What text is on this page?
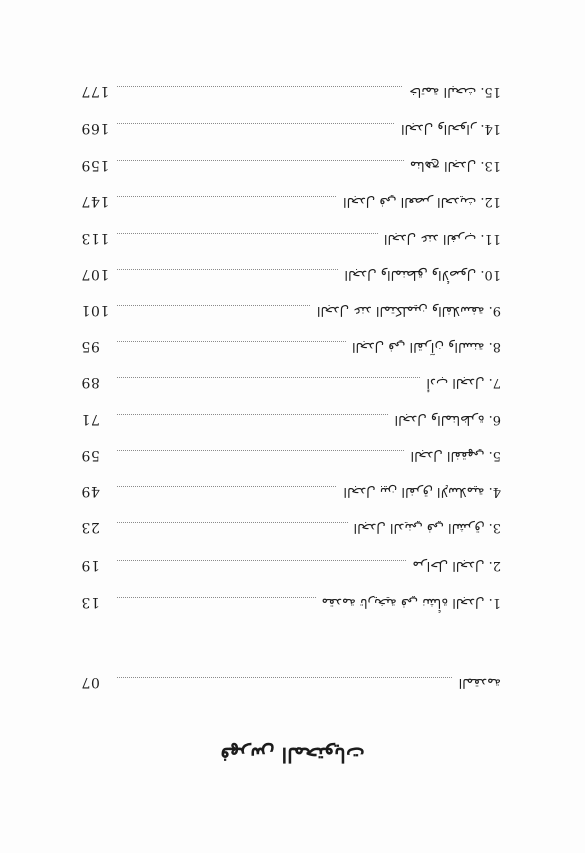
فهرس المحتويات
المقدمة
07
1. مقدمة تاريخية في نشأة الجدل
13
2. مراحل الجدل
19
3. الجدل الديني في الشرق
23
4. الجدل بين الفرق الإسلامية
49
5. الجدل الفقهي
59
6. الجدل والمناظرة
71
7. أدب الجدل
89
8. الجدل في القرآن والسنة
95
9. الجدل عند المتكلمين والفلاسفة
101
10. الجدل والمنطق والأصول
107
11. الجدل عند الغرب
113
12. الجدل في العصر الحديث
147
13. مناهج الجدل
159
14. الجدل والحوار
169
15. خاتمة البحث
177
